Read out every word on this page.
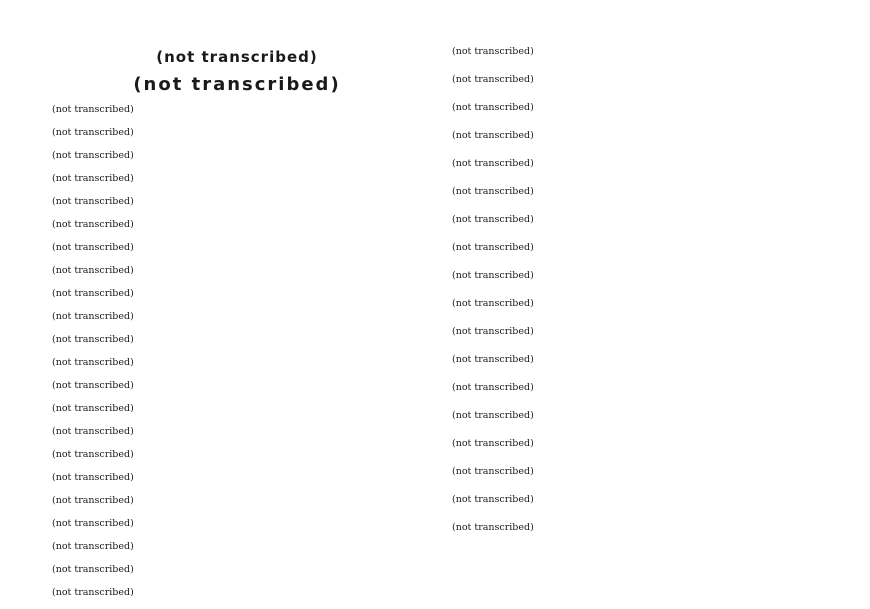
(not transcribed)
(not transcribed)
(not transcribed)
(not transcribed)
(not transcribed)
(not transcribed)
(not transcribed)
(not transcribed)
(not transcribed)
(not transcribed)
(not transcribed)
(not transcribed)
(not transcribed)
(not transcribed)
(not transcribed)
(not transcribed)
(not transcribed)
(not transcribed)
(not transcribed)
(not transcribed)
(not transcribed)
(not transcribed)
(not transcribed)
(not transcribed)
(not transcribed)
(not transcribed)
(not transcribed)
(not transcribed)
(not transcribed)
(not transcribed)
(not transcribed)
(not transcribed)
(not transcribed)
(not transcribed)
(not transcribed)
(not transcribed)
(not transcribed)
(not transcribed)
(not transcribed)
(not transcribed)
(not transcribed)
(not transcribed)
